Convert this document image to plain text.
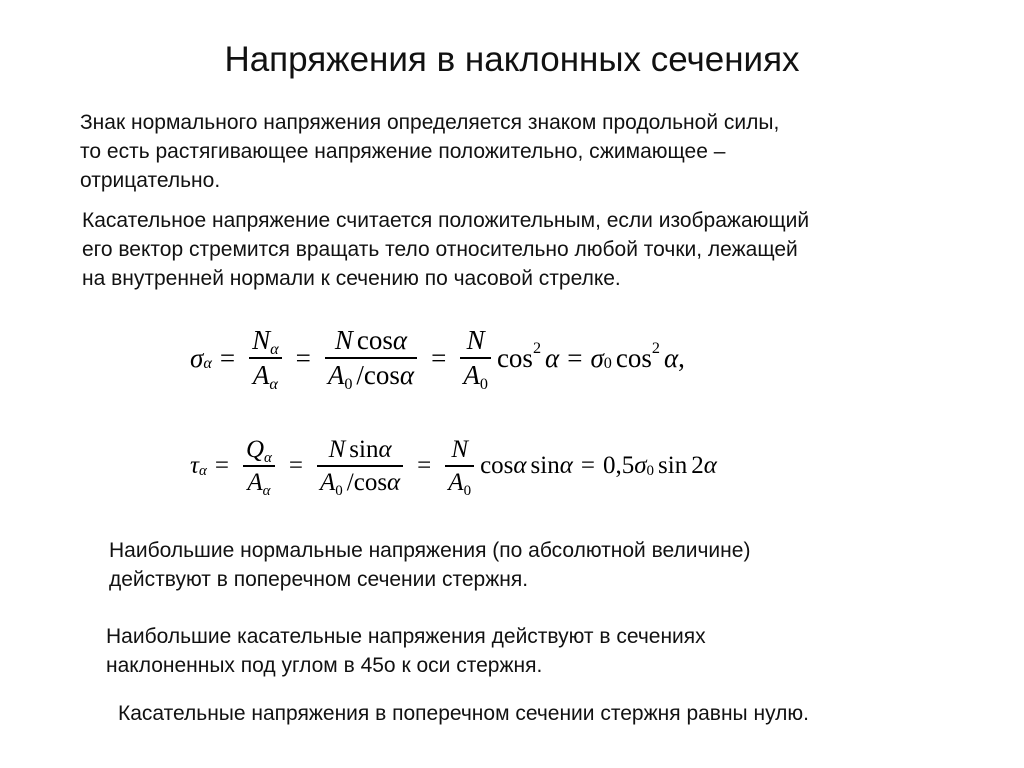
Напряжения в наклонных сечениях

Знак нормального напряжения определяется знаком продольной силы,
то есть растягивающее напряжение положительно, сжимающее –
отрицательно.

Касательное напряжение считается положительным, если изображающий
его вектор стремится вращать тело относительно любой точки, лежащей
на внутренней нормали к сечению по часовой стрелке.

σ $\alpha = \frac{N_\alpha}{A_\alpha} = \frac{\text{N cosα}}{A_0 /\cos\alpha} = \frac{N}{A_0}$ cos 2 α = σ 0 cos 2 α ,
τ $\alpha = \frac{Q_\alpha}{A_\alpha} = \frac{\text{N sinα}}{A_0 /\cos\alpha} = \frac{N}{A_0}$ cos α sin α = 0,5 σ 0 sin 2 α

Наибольшие нормальные напряжения (по абсолютной величине)
действуют в поперечном сечении стержня.

Наибольшие касательные напряжения действуют в сечениях
наклоненных под углом в 45о к оси стержня.

Касательные напряжения в поперечном сечении стержня равны нулю.
